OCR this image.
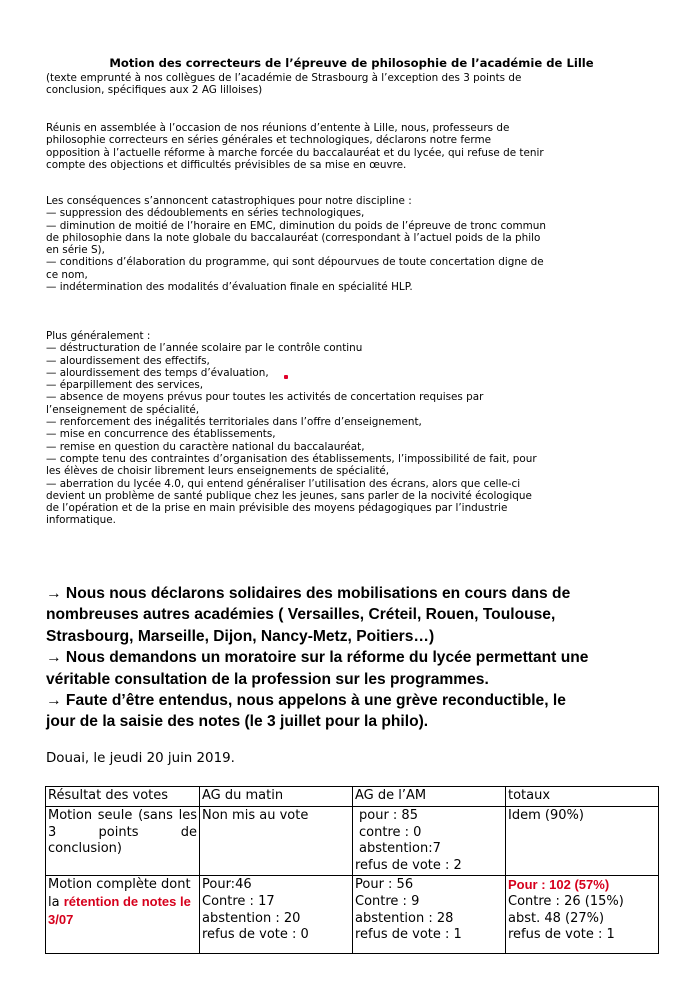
Motion des correcteurs de l’épreuve de philosophie de l’académie de Lille
(texte emprunté à nos collègues de l’académie de Strasbourg à l’exception des 3 points de
conclusion, spécifiques aux 2 AG lilloises)
Réunis en assemblée à l’occasion de nos réunions d’entente à Lille, nous, professeurs de
philosophie correcteurs en séries générales et technologiques, déclarons notre ferme
opposition à l’actuelle réforme à marche forcée du baccalauréat et du lycée, qui refuse de tenir
compte des objections et difficultés prévisibles de sa mise en œuvre.
Les conséquences s’annoncent catastrophiques pour notre discipline :
— suppression des dédoublements en séries technologiques,
— diminution de moitié de l’horaire en EMC, diminution du poids de l’épreuve de tronc commun
de philosophie dans la note globale du baccalauréat (correspondant à l’actuel poids de la philo
en série S),
— conditions d’élaboration du programme, qui sont dépourvues de toute concertation digne de
ce nom,
— indétermination des modalités d’évaluation finale en spécialité HLP.
Plus généralement :
— déstructuration de l’année scolaire par le contrôle continu
— alourdissement des effectifs,
— alourdissement des temps d’évaluation,
— éparpillement des services,
— absence de moyens prévus pour toutes les activités de concertation requises par
l’enseignement de spécialité,
— renforcement des inégalités territoriales dans l’offre d’enseignement,
— mise en concurrence des établissements,
— remise en question du caractère national du baccalauréat,
— compte tenu des contraintes d’organisation des établissements, l’impossibilité de fait, pour
les élèves de choisir librement leurs enseignements de spécialité,
— aberration du lycée 4.0, qui entend généraliser l’utilisation des écrans, alors que celle-ci
devient un problème de santé publique chez les jeunes, sans parler de la nocivité écologique
de l’opération et de la prise en main prévisible des moyens pédagogiques par l’industrie
informatique.
→ Nous nous déclarons solidaires des mobilisations en cours dans de
nombreuses autres académies ( Versailles, Créteil, Rouen, Toulouse,
Strasbourg, Marseille, Dijon, Nancy-Metz, Poitiers…)
→ Nous demandons un moratoire sur la réforme du lycée permettant une
véritable consultation de la profession sur les programmes.
→ Faute d’être entendus, nous appelons à une grève reconductible, le
jour de la saisie des notes (le 3 juillet pour la philo).
Douai, le jeudi 20 juin 2019.
Résultat des votes	AG du matin	AG de l’AM	totaux
Motion seule (sans les 3 points de conclusion)	Non mis au vote	pour : 85
contre : 0
abstention:7
refus de vote : 2	Idem (90%)
Motion complète dont la rétention de notes le 3/07	Pour:46
Contre : 17
abstention : 20
refus de vote : 0	Pour : 56
Contre : 9
abstention : 28
refus de vote : 1	Pour : 102 (57%)
Contre : 26 (15%)
abst. 48 (27%)
refus de vote : 1
